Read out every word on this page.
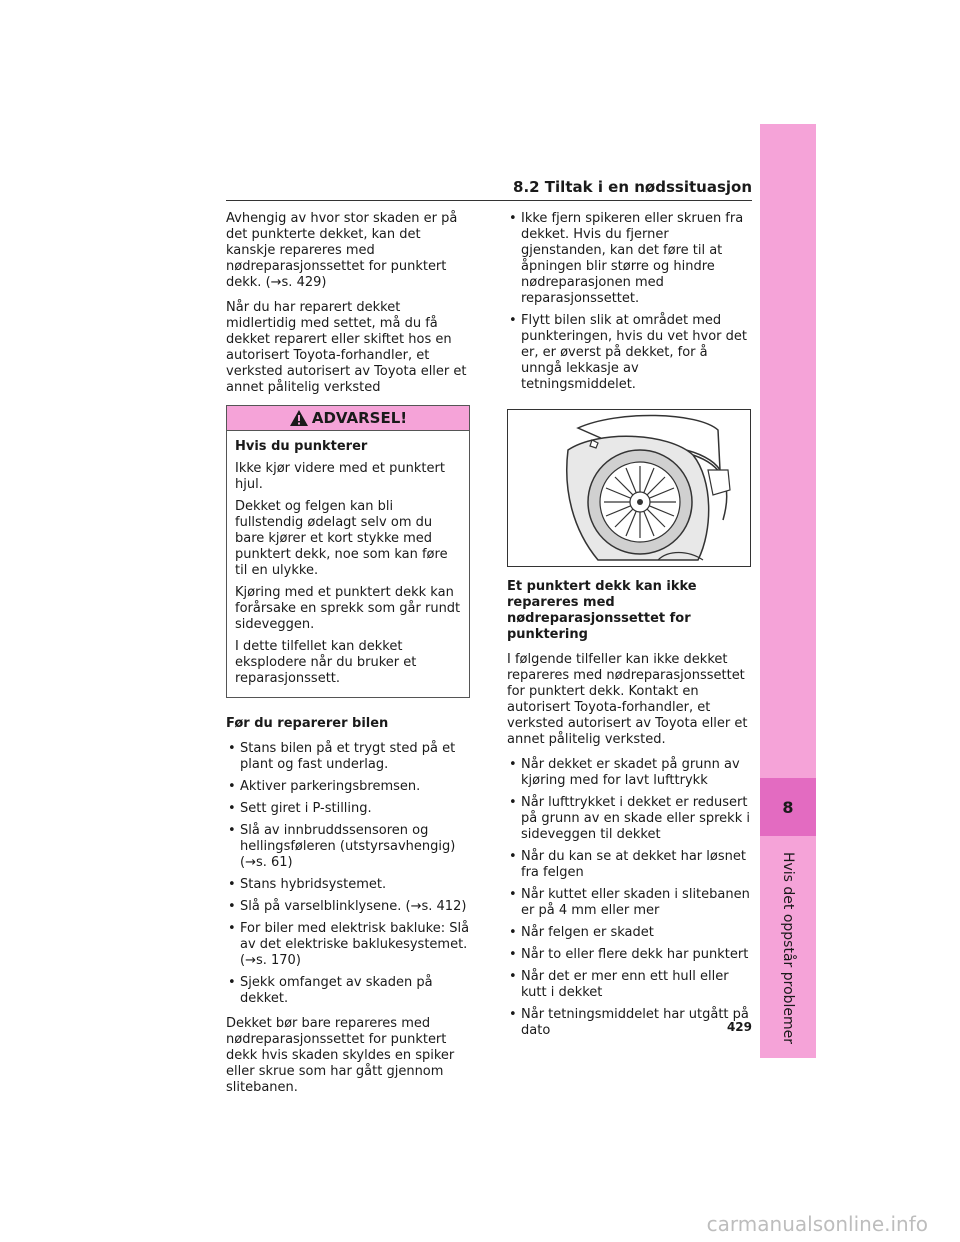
8.2 Tiltak i en nødssituasjon

Avhengig av hvor stor skaden er på det punkterte dekket, kan det kanskje repareres med nødreparasjonssettet for punktert dekk. (→s. 429)

Når du har reparert dekket midlertidig med settet, må du få dekket reparert eller skiftet hos en autorisert Toyota-forhandler, et verksted autorisert av Toyota eller et annet pålitelig verksted

ADVARSEL!

Hvis du punkterer

Ikke kjør videre med et punktert hjul.

Dekket og felgen kan bli fullstendig ødelagt selv om du bare kjører et kort stykke med punktert dekk, noe som kan føre til en ulykke.

Kjøring med et punktert dekk kan forårsake en sprekk som går rundt sideveggen.

I dette tilfellet kan dekket eksplodere når du bruker et reparasjonssett.

Før du reparerer bilen

• Stans bilen på et trygt sted på et plant og fast underlag.
• Aktiver parkeringsbremsen.
• Sett giret i P-stilling.
• Slå av innbruddssensoren og hellingsføleren (utstyrsavhengig) (→s. 61)
• Stans hybridsystemet.
• Slå på varselblinklysene. (→s. 412)
• For biler med elektrisk bakluke: Slå av det elektriske baklukesystemet. (→s. 170)
• Sjekk omfanget av skaden på dekket.

Dekket bør bare repareres med nødreparasjonssettet for punktert dekk hvis skaden skyldes en spiker eller skrue som har gått gjennom slitebanen.

• Ikke fjern spikeren eller skruen fra dekket. Hvis du fjerner gjenstanden, kan det føre til at åpningen blir større og hindre nødreparasjonen med reparasjonssettet.
• Flytt bilen slik at området med punkteringen, hvis du vet hvor det er, er øverst på dekket, for å unngå lekkasje av tetningsmiddelet.

Et punktert dekk kan ikke repareres med nødreparasjonssettet for punktering

I følgende tilfeller kan ikke dekket repareres med nødreparasjonssettet for punktert dekk. Kontakt en autorisert Toyota-forhandler, et verksted autorisert av Toyota eller et annet pålitelig verksted.

• Når dekket er skadet på grunn av kjøring med for lavt lufttrykk
• Når lufttrykket i dekket er redusert på grunn av en skade eller sprekk i sideveggen til dekket
• Når du kan se at dekket har løsnet fra felgen
• Når kuttet eller skaden i slitebanen er på 4 mm eller mer
• Når felgen er skadet
• Når to eller flere dekk har punktert
• Når det er mer enn ett hull eller kutt i dekket
• Når tetningsmiddelet har utgått på dato
8
Hvis det oppstår problemer
429
carmanualsonline.info
